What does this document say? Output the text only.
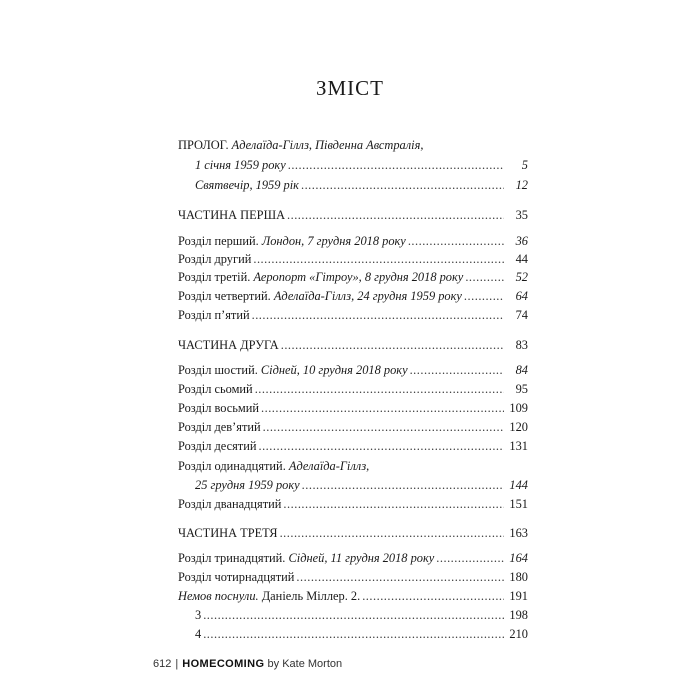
ЗМІСТ
ПРОЛОГ. Аделаїда-Гіллз, Південна Австралія,
1 січня 1959 року .....	5
Святвечір, 1959 рік .....	12
ЧАСТИНА ПЕРША .....	35
Розділ перший. Лондон, 7 грудня 2018 року .....	36
Розділ другий .....	44
Розділ третій. Аеропорт «Гітроу», 8 грудня 2018 року .....	52
Розділ четвертий. Аделаїда-Гіллз, 24 грудня 1959 року .....	64
Розділ п’ятий .....	74
ЧАСТИНА ДРУГА .....	83
Розділ шостий. Сідней, 10 грудня 2018 року .....	84
Розділ сьомий .....	95
Розділ восьмий .....	109
Розділ дев’ятий .....	120
Розділ десятий .....	131
Розділ одинадцятий. Аделаїда-Гіллз,
25 грудня 1959 року .....	144
Розділ дванадцятий .....	151
ЧАСТИНА ТРЕТЯ .....	163
Розділ тринадцятий. Сідней, 11 грудня 2018 року .....	164
Розділ чотирнадцятий .....	180
Немов поснули. Даніель Міллер. 2. .....	191
3 .....	198
4 .....	210
612 | HOMECOMING by Kate Morton
